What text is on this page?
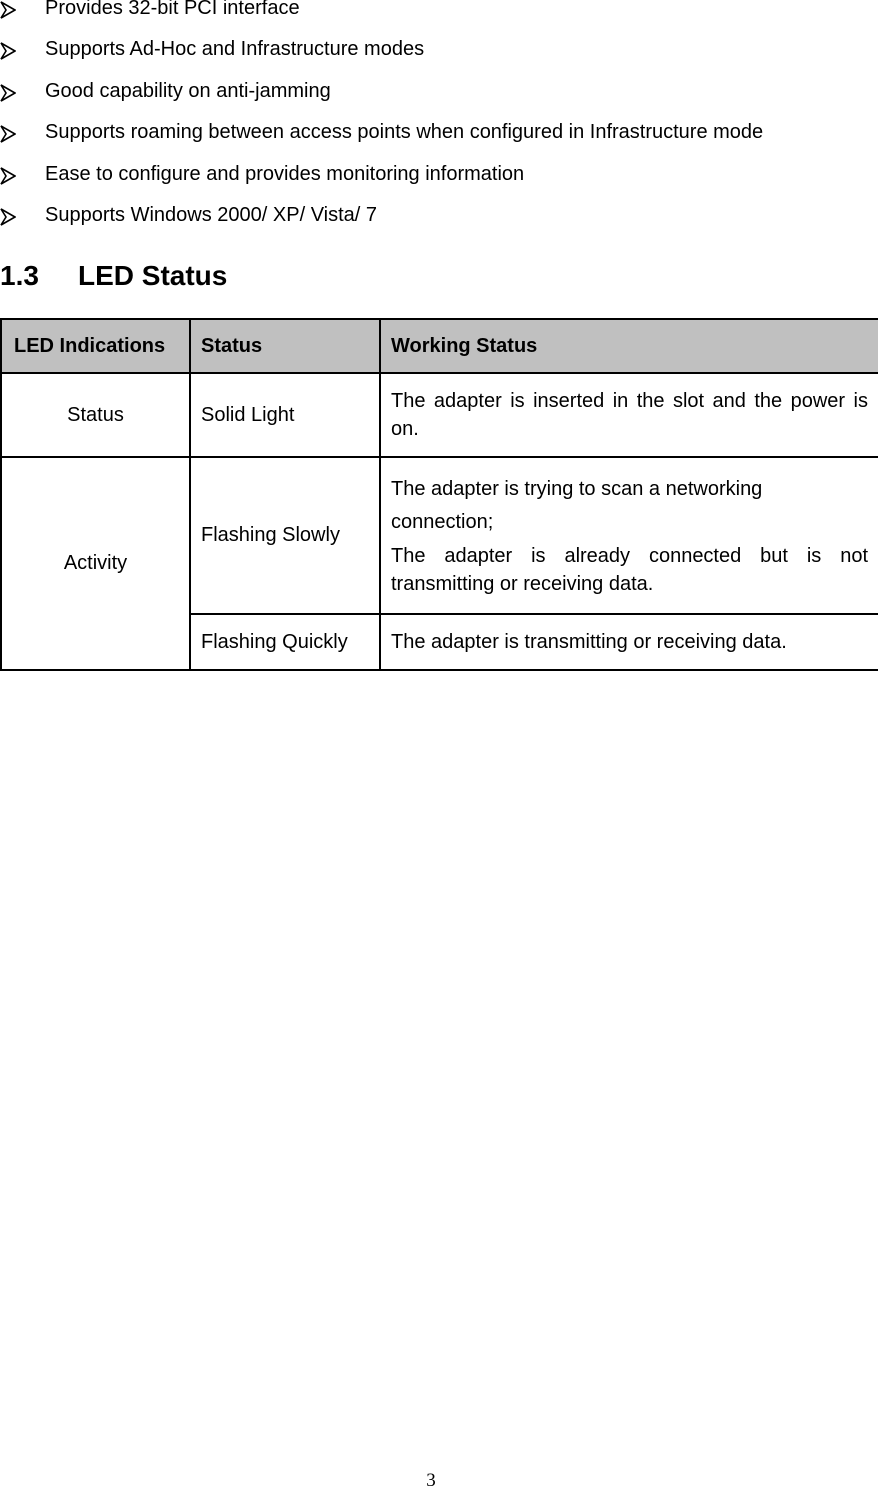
Provides 32-bit PCI interface
Supports Ad-Hoc and Infrastructure modes
Good capability on anti-jamming
Supports roaming between access points when configured in Infrastructure mode
Ease to configure and provides monitoring information
Supports Windows 2000/ XP/ Vista/ 7
1.3 LED Status
LED Indications	Status	Working Status
Status	Solid Light	The adapter is inserted in the slot and the power is on.
Activity	Flashing Slowly	The adapter is trying to scan a networking connection;

The adapter is already connected but is not transmitting or receiving data.

	Flashing Quickly	The adapter is transmitting or receiving data.
3
